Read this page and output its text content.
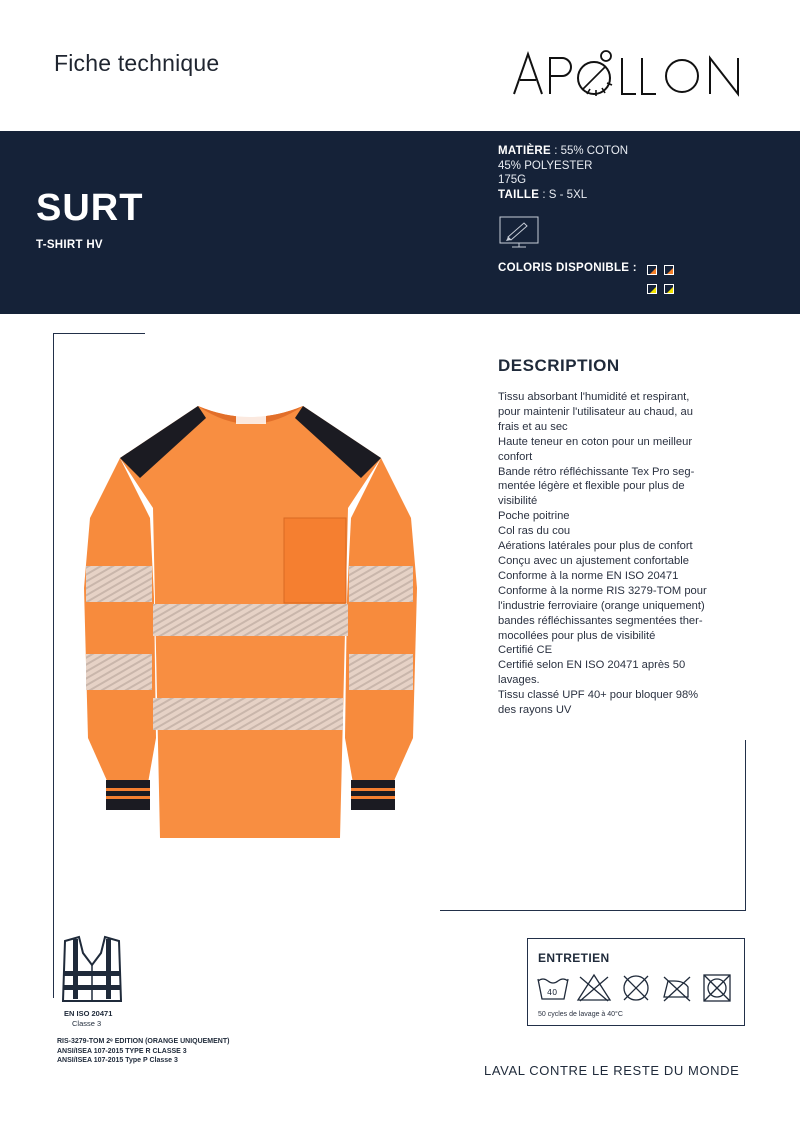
Fiche technique
SURT
T-SHIRT HV
MATIÈRE : 55% COTON
45% POLYESTER
175G
TAILLE : S - 5XL
COLORIS DISPONIBLE :
DESCRIPTION
Tissu absorbant l'humidité et respirant,
pour maintenir l'utilisateur au chaud, au
frais et au sec
Haute teneur en coton pour un meilleur
confort
Bande rétro réfléchissante Tex Pro seg-
mentée légère et flexible pour plus de
visibilité
Poche poitrine
Col ras du cou
Aérations latérales pour plus de confort
Conçu avec un ajustement confortable
Conforme à la norme EN ISO 20471
Conforme à la norme RIS 3279-TOM pour
l'industrie ferroviaire (orange uniquement)
bandes réfléchissantes segmentées ther-
mocollées pour plus de visibilité
Certifié CE
Certifié selon EN ISO 20471 après 50
lavages.
Tissu classé UPF 40+ pour bloquer 98%
des rayons UV
EN ISO 20471
Classe 3
RIS-3279-TOM 2ᵉ EDITION (ORANGE UNIQUEMENT)
ANSI/ISEA 107-2015 TYPE R CLASSE 3
ANSI/ISEA 107-2015 Type P Classe 3
ENTRETIEN
40
50 cycles de lavage à 40°C
LAVAL CONTRE LE RESTE DU MONDE
